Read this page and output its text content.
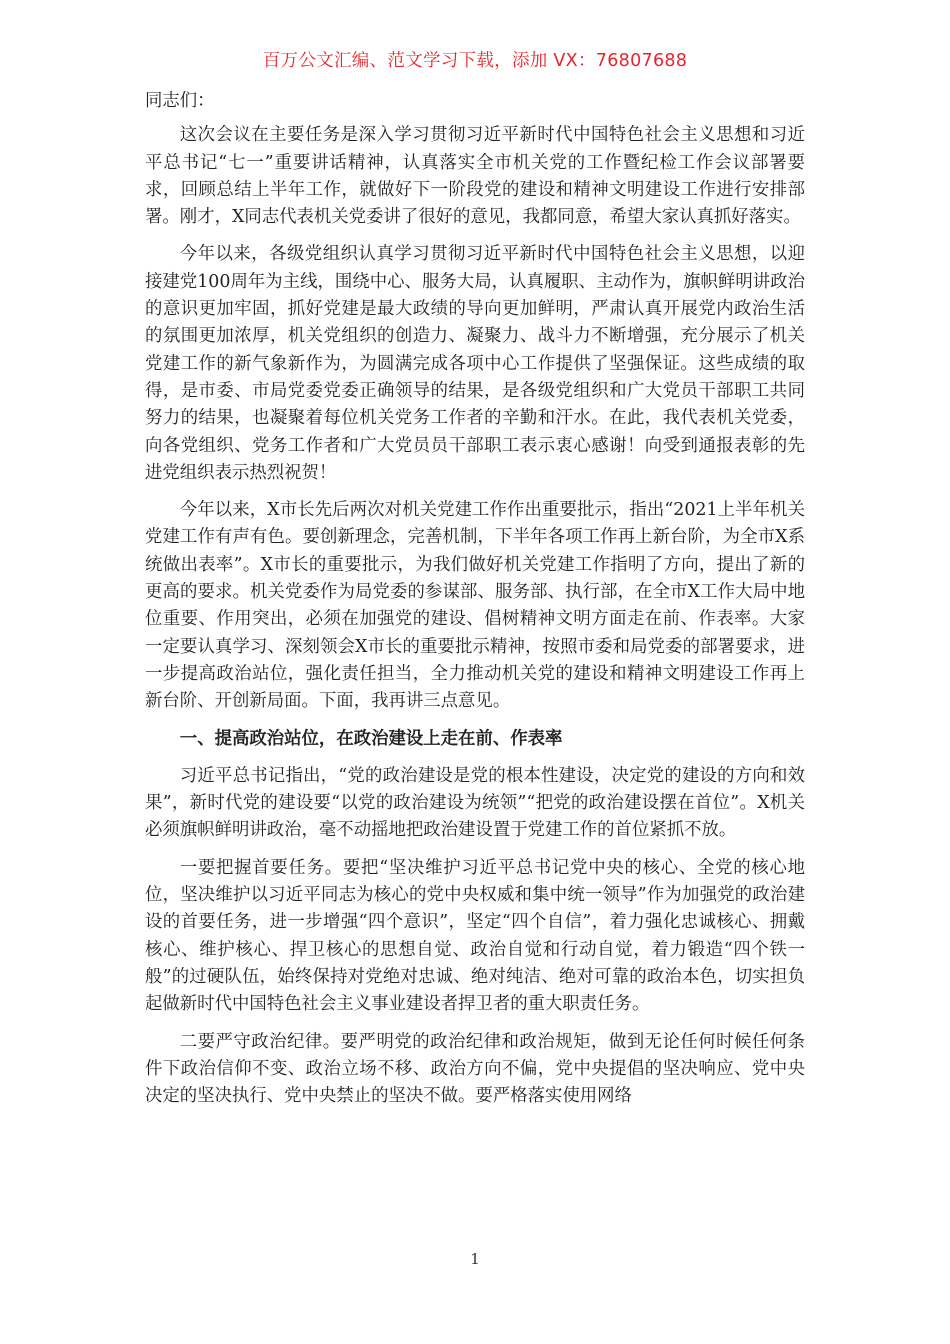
百万公文汇编、范文学习下载，添加 VX：76807688

同志们：

这次会议在主要任务是深入学习贯彻习近平新时代中国特色社会主义思想和习近平总书记“七一”重要讲话精神，认真落实全市机关党的工作暨纪检工作会议部署要求，回顾总结上半年工作，就做好下一阶段党的建设和精神文明建设工作进行安排部署。刚才，X同志代表机关党委讲了很好的意见，我都同意，希望大家认真抓好落实。

今年以来，各级党组织认真学习贯彻习近平新时代中国特色社会主义思想，以迎接建党100周年为主线，围绕中心、服务大局，认真履职、主动作为，旗帜鲜明讲政治的意识更加牢固，抓好党建是最大政绩的导向更加鲜明，严肃认真开展党内政治生活的氛围更加浓厚，机关党组织的创造力、凝聚力、战斗力不断增强，充分展示了机关党建工作的新气象新作为，为圆满完成各项中心工作提供了坚强保证。这些成绩的取得，是市委、市局党委党委正确领导的结果，是各级党组织和广大党员干部职工共同努力的结果，也凝聚着每位机关党务工作者的辛勤和汗水。在此，我代表机关党委，向各党组织、党务工作者和广大党员员干部职工表示衷心感谢！向受到通报表彰的先进党组织表示热烈祝贺！

今年以来，X市长先后两次对机关党建工作作出重要批示，指出“2021上半年机关党建工作有声有色。要创新理念，完善机制，下半年各项工作再上新台阶，为全市X系统做出表率”。X市长的重要批示，为我们做好机关党建工作指明了方向，提出了新的更高的要求。机关党委作为局党委的参谋部、服务部、执行部，在全市X工作大局中地位重要、作用突出，必须在加强党的建设、倡树精神文明方面走在前、作表率。大家一定要认真学习、深刻领会X市长的重要批示精神，按照市委和局党委的部署要求，进一步提高政治站位，强化责任担当，全力推动机关党的建设和精神文明建设工作再上新台阶、开创新局面。下面，我再讲三点意见。

一、提高政治站位，在政治建设上走在前、作表率

习近平总书记指出，“党的政治建设是党的根本性建设，决定党的建设的方向和效果”，新时代党的建设要“以党的政治建设为统领”“把党的政治建设摆在首位”。X机关必须旗帜鲜明讲政治，毫不动摇地把政治建设置于党建工作的首位紧抓不放。

一要把握首要任务。要把“坚决维护习近平总书记党中央的核心、全党的核心地位，坚决维护以习近平同志为核心的党中央权威和集中统一领导”作为加强党的政治建设的首要任务，进一步增强“四个意识”，坚定“四个自信”，着力强化忠诚核心、拥戴核心、维护核心、捍卫核心的思想自觉、政治自觉和行动自觉，着力锻造“四个铁一般”的过硬队伍，始终保持对党绝对忠诚、绝对纯洁、绝对可靠的政治本色，切实担负起做新时代中国特色社会主义事业建设者捍卫者的重大职责任务。

二要严守政治纪律。要严明党的政治纪律和政治规矩，做到无论任何时候任何条件下政治信仰不变、政治立场不移、政治方向不偏，党中央提倡的坚决响应、党中央决定的坚决执行、党中央禁止的坚决不做。要严格落实使用网络

1
